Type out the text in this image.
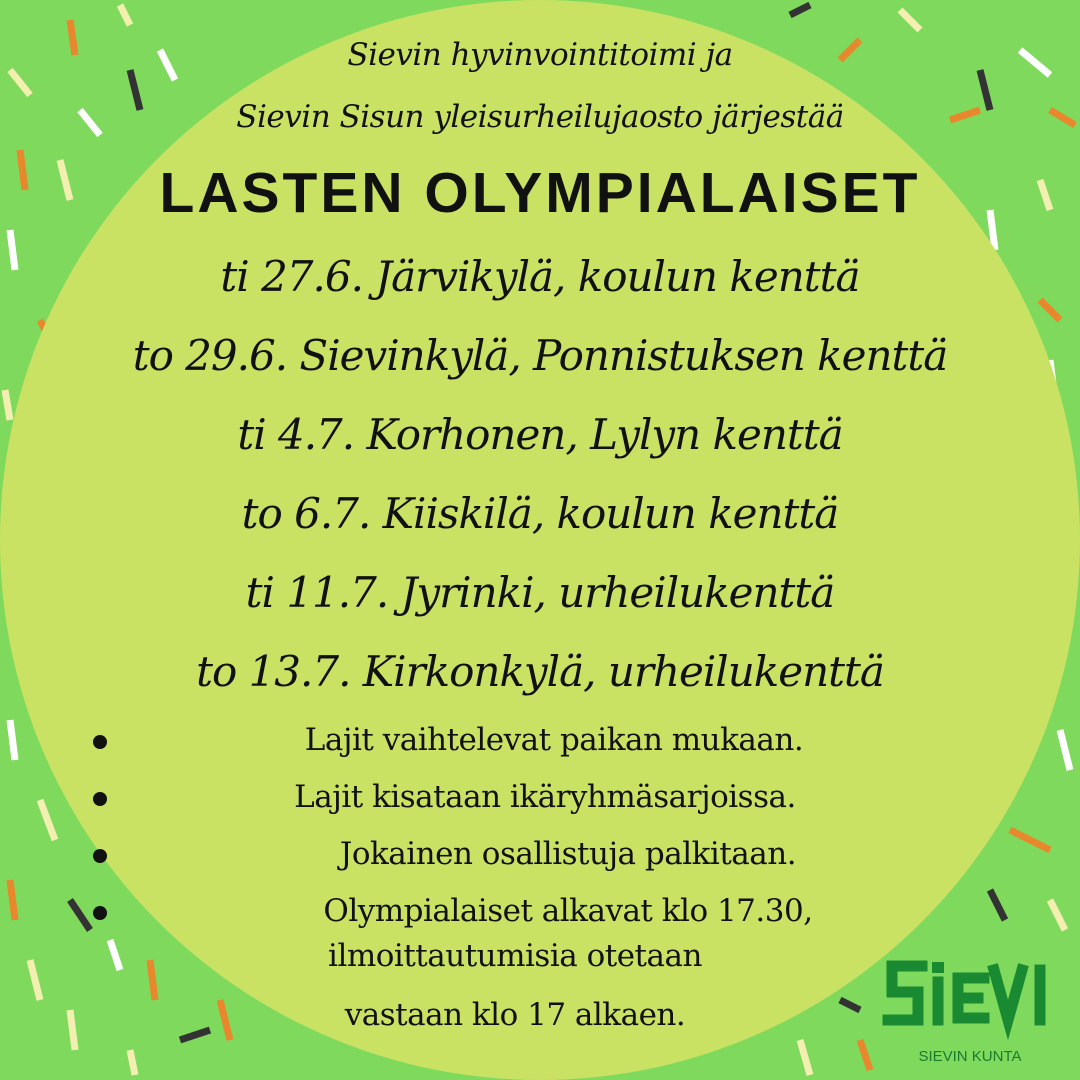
Sievin hyvinvointitoimi ja
Sievin Sisun yleisurheilujaosto järjestää
LASTEN OLYMPIALAISET
ti 27.6. Järvikylä, koulun kenttä
to 29.6. Sievinkylä, Ponnistuksen kenttä
ti 4.7. Korhonen, Lylyn kenttä
to 6.7. Kiiskilä, koulun kenttä
ti 11.7. Jyrinki, urheilukenttä
to 13.7. Kirkonkylä, urheilukenttä
Lajit vaihtelevat paikan mukaan.
Lajit kisataan ikäryhmäsarjoissa.
Jokainen osallistuja palkitaan.
Olympialaiset alkavat klo 17.30,
ilmoittautumisia otetaan
vastaan klo 17 alkaen.
SIEVIN KUNTA
